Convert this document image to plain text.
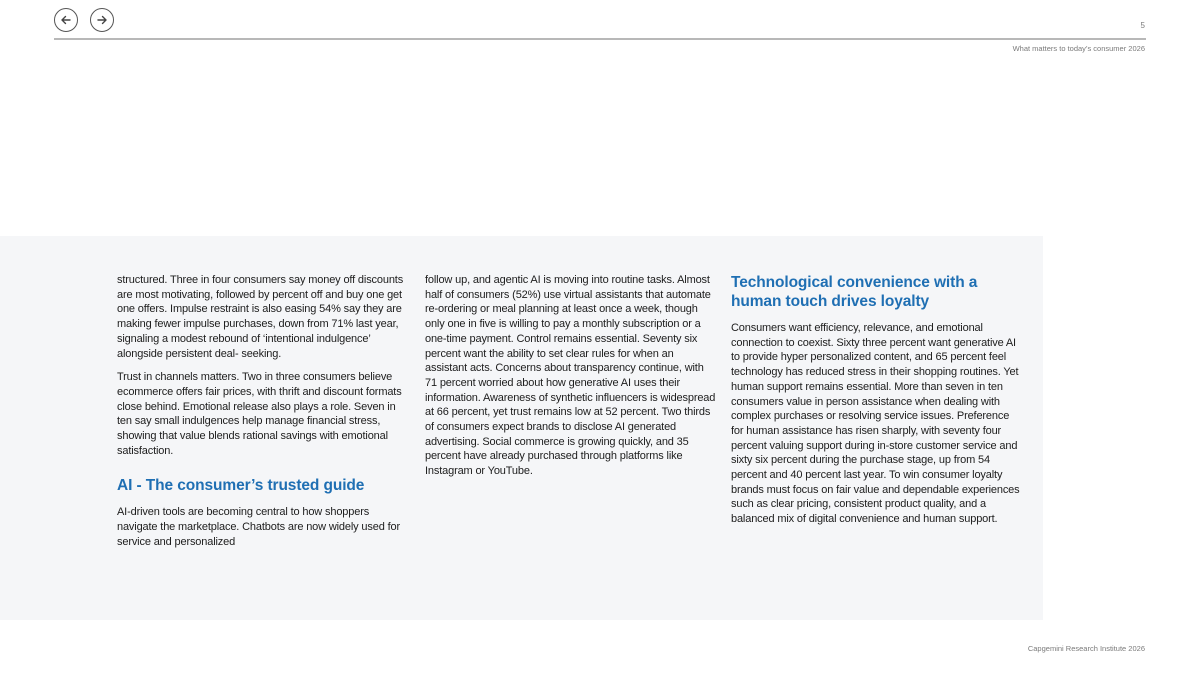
5
What matters to today’s consumer 2026

structured. Three in four consumers say money off discounts are most motivating, followed by percent off and buy one get one offers. Impulse restraint is also easing 54% say they are making fewer impulse purchases, down from 71% last year, signaling a modest rebound of ‘intentional indulgence’ alongside persistent deal- seeking.

Trust in channels matters. Two in three consumers believe ecommerce offers fair prices, with thrift and discount formats close behind. Emotional release also plays a role. Seven in ten say small indulgences help manage financial stress, showing that value blends rational savings with emotional satisfaction.

AI - The consumer’s trusted guide

AI-driven tools are becoming central to how shoppers navigate the marketplace. Chatbots are now widely used for service and personalized

follow up, and agentic AI is moving into routine tasks. Almost half of consumers (52%) use virtual assistants that automate re-ordering or meal planning at least once a week, though only one in five is willing to pay a monthly subscription or a one-time payment. Control remains essential. Seventy six percent want the ability to set clear rules for when an assistant acts. Concerns about transparency continue, with 71 percent worried about how generative AI uses their information. Awareness of synthetic influencers is widespread at 66 percent, yet trust remains low at 52 percent. Two thirds of consumers expect brands to disclose AI generated advertising. Social commerce is growing quickly, and 35 percent have already purchased through platforms like Instagram or YouTube.

Technological convenience with a human touch drives loyalty

Consumers want efficiency, relevance, and emotional connection to coexist. Sixty three percent want generative AI to provide hyper personalized content, and 65 percent feel technology has reduced stress in their shopping routines. Yet human support remains essential. More than seven in ten consumers value in person assistance when dealing with complex purchases or resolving service issues. Preference for human assistance has risen sharply, with seventy four percent valuing support during in-store customer service and sixty six percent during the purchase stage, up from 54 percent and 40 percent last year. To win consumer loyalty brands must focus on fair value and dependable experiences such as clear pricing, consistent product quality, and a balanced mix of digital convenience and human support.

Capgemini Research Institute 2026
